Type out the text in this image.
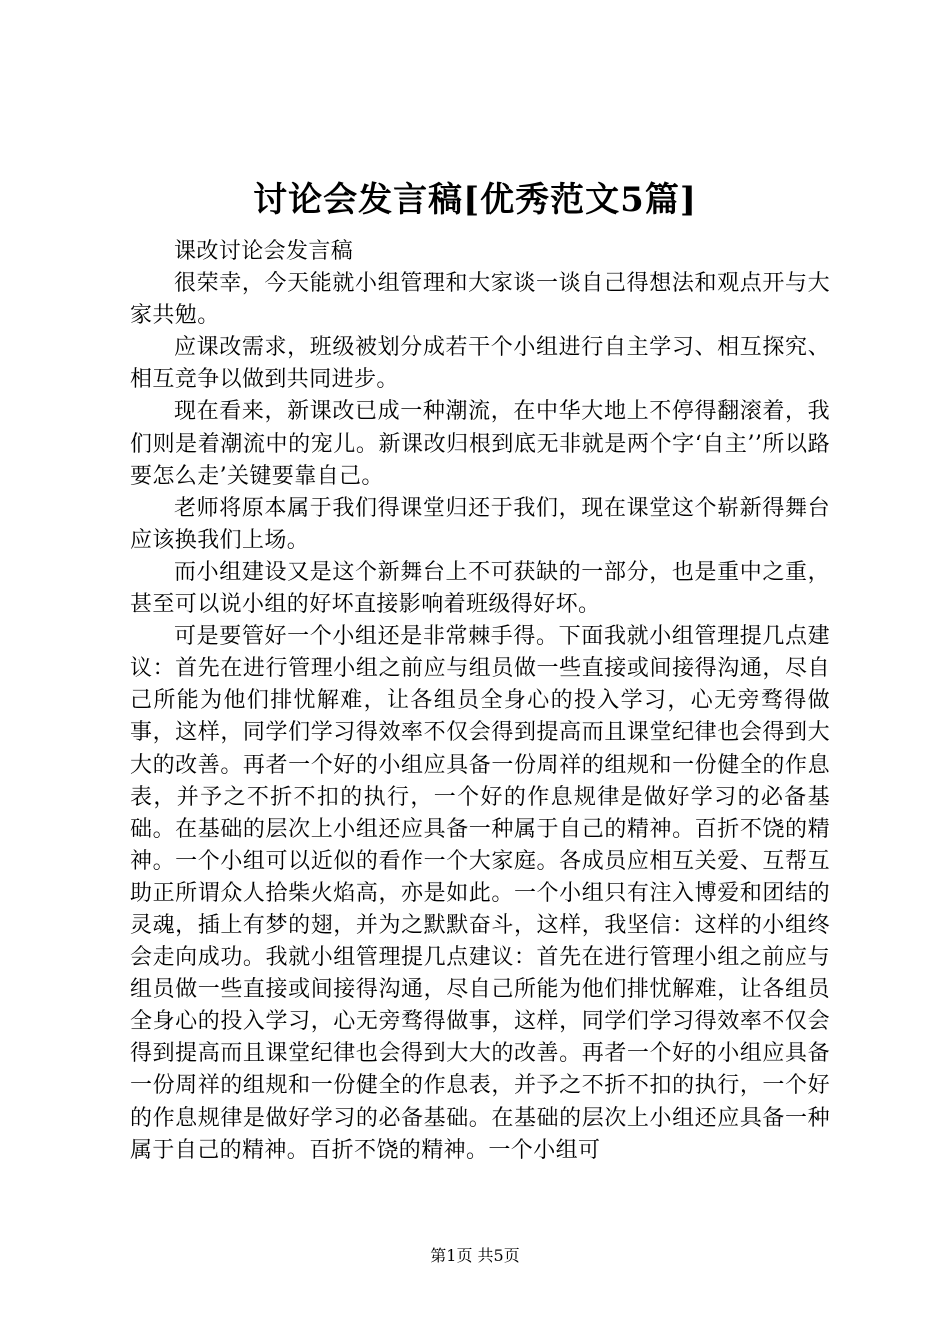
讨论会发言稿[优秀范文5篇]

课改讨论会发言稿

很荣幸，今天能就小组管理和大家谈一谈自己得想法和观点开与大家共勉。

应课改需求，班级被划分成若干个小组进行自主学习、相互探究、相互竞争以做到共同进步。

现在看来，新课改已成一种潮流，在中华大地上不停得翻滚着，我们则是着潮流中的宠儿。新课改归根到底无非就是两个字‘自主’’所以路要怎么走’关键要靠自己。

老师将原本属于我们得课堂归还于我们，现在课堂这个崭新得舞台应该换我们上场。

而小组建设又是这个新舞台上不可获缺的一部分，也是重中之重，甚至可以说小组的好坏直接影响着班级得好坏。

可是要管好一个小组还是非常棘手得。下面我就小组管理提几点建议：首先在进行管理小组之前应与组员做一些直接或间接得沟通，尽自己所能为他们排忧解难，让各组员全身心的投入学习，心无旁骛得做事，这样，同学们学习得效率不仅会得到提高而且课堂纪律也会得到大大的改善。再者一个好的小组应具备一份周祥的组规和一份健全的作息表，并予之不折不扣的执行，一个好的作息规律是做好学习的必备基础。在基础的层次上小组还应具备一种属于自己的精神。百折不饶的精神。一个小组可以近似的看作一个大家庭。各成员应相互关爱、互帮互助正所谓众人拾柴火焰高，亦是如此。一个小组只有注入博爱和团结的灵魂，插上有梦的翅，并为之默默奋斗，这样，我坚信：这样的小组终会走向成功。我就小组管理提几点建议：首先在进行管理小组之前应与组员做一些直接或间接得沟通，尽自己所能为他们排忧解难，让各组员全身心的投入学习，心无旁骛得做事，这样，同学们学习得效率不仅会得到提高而且课堂纪律也会得到大大的改善。再者一个好的小组应具备一份周祥的组规和一份健全的作息表，并予之不折不扣的执行，一个好的作息规律是做好学习的必备基础。在基础的层次上小组还应具备一种属于自己的精神。百折不饶的精神。一个小组可

第1页 共5页
